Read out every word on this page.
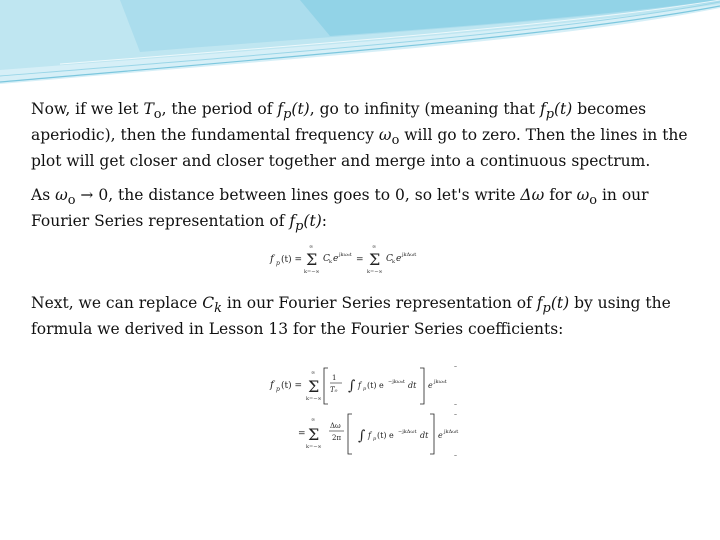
Now, if we let $T_o$, the period of $f_p(t)$, go to infinity (meaning that $f_p(t)$ becomes aperiodic), then the fundamental frequency $\omega_o$ will go to zero. Then the lines in the plot will get closer and closer together and merge into a continuous spectrum.

As $\omega_o \to 0$, the distance between lines goes to 0, so let's write Δω for $\omega_o$ in our Fourier Series representation of $f_p(t)$:

f p (t) = Σ
∞
k=−∞
C k e jkω₀t = Σ
∞
k=−∞
C k e jkΔωt

Next, we can replace $C_k$ in our Fourier Series representation of $f_p(t)$ by using the formula we derived in Lesson 13 for the Fourier Series coefficients:

f p (t) = Σ
∞
k=−∞
1
T₀ ∫ f p (t) e −jkω₀t dt e jkω₀t
–
–
= Σ
∞
k=−∞
Δω
2π ∫ f p (t) e −jkΔωt dt e jkΔωt
–
–
